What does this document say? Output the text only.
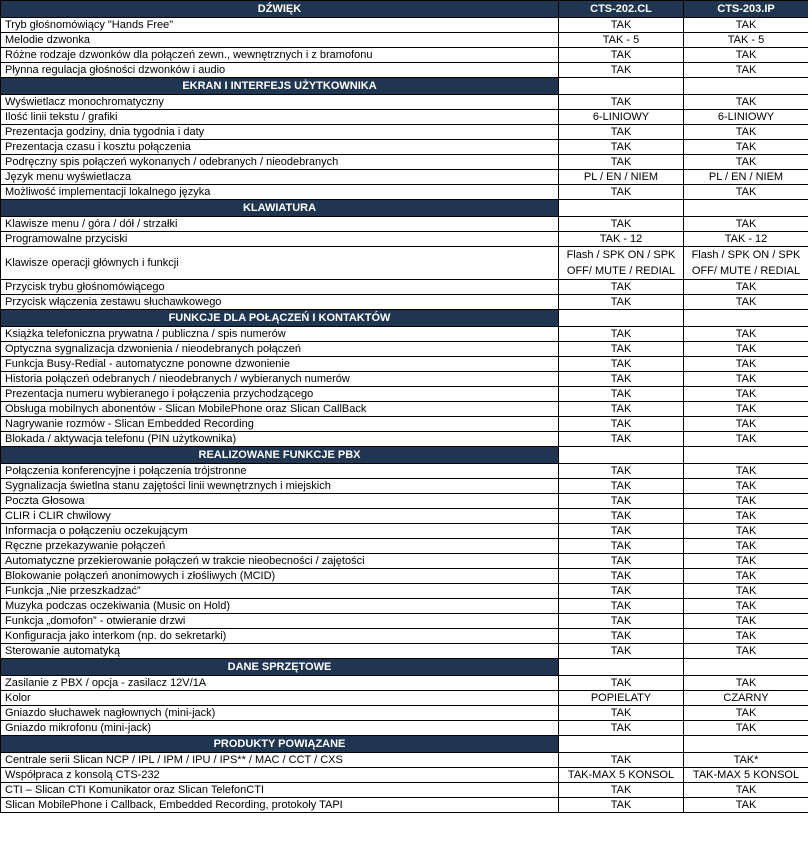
DŹWIĘK	CTS-202.CL	CTS-203.IP
Tryb głośnomówiący "Hands Free"	TAK	TAK
Melodie dzwonka	TAK - 5	TAK - 5
Różne rodzaje dzwonków dla połączeń zewn., wewnętrznych i z bramofonu	TAK	TAK
Płynna regulacja głośności dzwonków i audio	TAK	TAK
EKRAN I INTERFEJS UŻYTKOWNIKA		
Wyświetlacz monochromatyczny	TAK	TAK
Ilość linii tekstu / grafiki	6-LINIOWY	6-LINIOWY
Prezentacja godziny, dnia tygodnia i daty	TAK	TAK
Prezentacja czasu i kosztu połączenia	TAK	TAK
Podręczny spis połączeń wykonanych / odebranych / nieodebranych	TAK	TAK
Język menu wyświetlacza	PL / EN / NIEM	PL / EN / NIEM
Możliwość implementacji lokalnego języka	TAK	TAK
KLAWIATURA		
Klawisze menu / góra / dół / strzałki	TAK	TAK
Programowalne przyciski	TAK - 12	TAK - 12
Klawisze operacji głównych i funkcji	Flash / SPK ON / SPK OFF/ MUTE / REDIAL	Flash / SPK ON / SPK OFF/ MUTE / REDIAL
Przycisk trybu głośnomówiącego	TAK	TAK
Przycisk włączenia zestawu słuchawkowego	TAK	TAK
FUNKCJE DLA POŁĄCZEŃ I KONTAKTÓW		
Książka telefoniczna prywatna / publiczna / spis numerów	TAK	TAK
Optyczna sygnalizacja dzwonienia / nieodebranych połączeń	TAK	TAK
Funkcja Busy-Redial - automatyczne ponowne dzwonienie	TAK	TAK
Historia połączeń odebranych / nieodebranych / wybieranych numerów	TAK	TAK
Prezentacja numeru wybieranego i połączenia przychodzącego	TAK	TAK
Obsługa mobilnych abonentów - Slican MobilePhone oraz Slican CallBack	TAK	TAK
Nagrywanie rozmów - Slican Embedded Recording	TAK	TAK
Blokada / aktywacja telefonu (PIN użytkownika)	TAK	TAK
REALIZOWANE FUNKCJE PBX		
Połączenia konferencyjne i połączenia trójstronne	TAK	TAK
Sygnalizacja świetlna stanu zajętości linii wewnętrznych i miejskich	TAK	TAK
Poczta Głosowa	TAK	TAK
CLIR i CLIR chwilowy	TAK	TAK
Informacja o połączeniu oczekującym	TAK	TAK
Ręczne przekazywanie połączeń	TAK	TAK
Automatyczne przekierowanie połączeń w trakcie nieobecności / zajętości	TAK	TAK
Blokowanie połączeń anonimowych i złośliwych (MCID)	TAK	TAK
Funkcja „Nie przeszkadzać”	TAK	TAK
Muzyka podczas oczekiwania (Music on Hold)	TAK	TAK
Funkcja „domofon” - otwieranie drzwi	TAK	TAK
Konfiguracja jako interkom (np. do sekretarki)	TAK	TAK
Sterowanie automatyką	TAK	TAK
DANE SPRZĘTOWE		
Zasilanie z PBX / opcja - zasilacz 12V/1A	TAK	TAK
Kolor	POPIELATY	CZARNY
Gniazdo słuchawek nagłownych (mini-jack)	TAK	TAK
Gniazdo mikrofonu (mini-jack)	TAK	TAK
PRODUKTY POWIĄZANE		
Centrale serii Slican NCP / IPL / IPM / IPU / IPS** / MAC / CCT / CXS	TAK	TAK*
Współpraca z konsolą CTS-232	TAK-MAX 5 KONSOL	TAK-MAX 5 KONSOL
CTI – Slican CTI Komunikator oraz Slican TelefonCTI	TAK	TAK
Slican MobilePhone i Callback, Embedded Recording, protokoły TAPI	TAK	TAK
